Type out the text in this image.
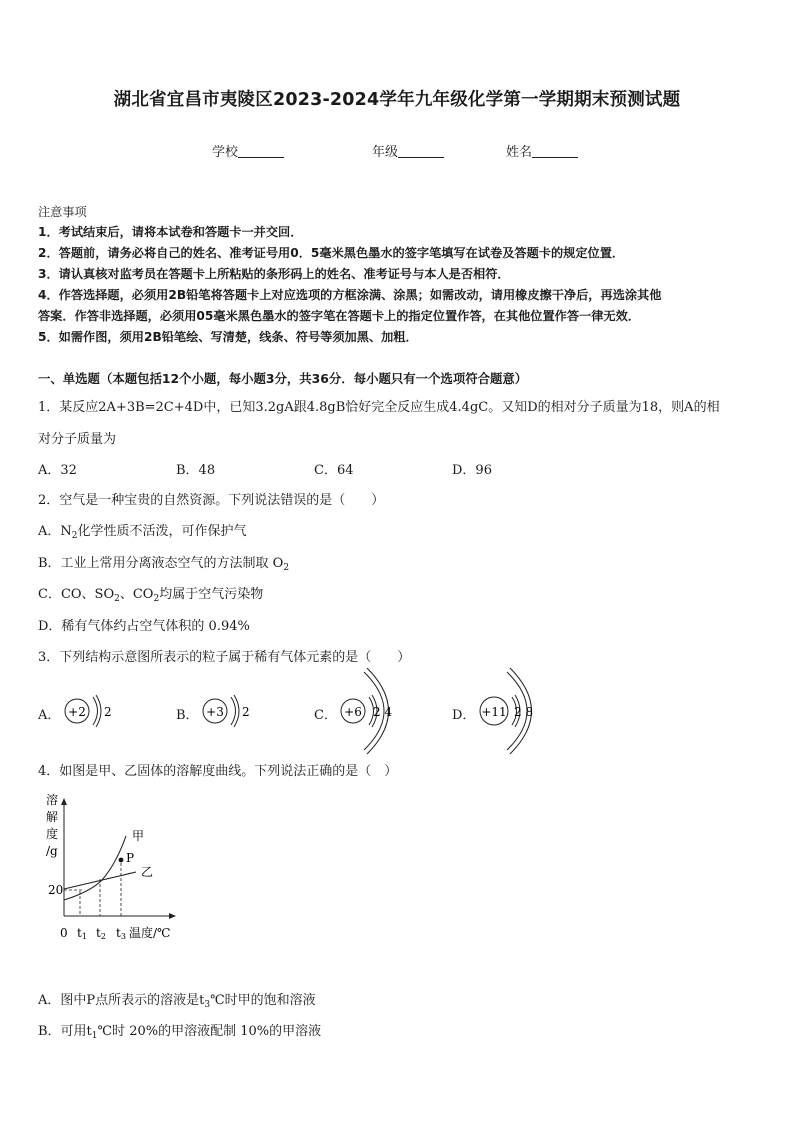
湖北省宜昌市夷陵区2023-2024学年九年级化学第一学期期末预测试题
学校	年级	姓名
注意事项
1．考试结束后，请将本试卷和答题卡一并交回．
2．答题前，请务必将自己的姓名、准考证号用0．5毫米黑色墨水的签字笔填写在试卷及答题卡的规定位置．
3．请认真核对监考员在答题卡上所粘贴的条形码上的姓名、准考证号与本人是否相符．
4．作答选择题，必须用2B铅笔将答题卡上对应选项的方框涂满、涂黑；如需改动，请用橡皮擦干净后，再选涂其他
答案．作答非选择题，必须用05毫米黑色墨水的签字笔在答题卡上的指定位置作答，在其他位置作答一律无效．
5．如需作图，须用2B铅笔绘、写清楚，线条、符号等须加黑、加粗．
一、单选题（本题包括12个小题，每小题3分，共36分．每小题只有一个选项符合题意）
1．某反应2A+3B=2C+4D中，已知3.2gA跟4.8gB恰好完全反应生成4.4gC。又知D的相对分子质量为18，则A的相
对分子质量为
A．32	B．48	C．64	D．96
2．空气是一种宝贵的自然资源。下列说法错误的是（　　）
A．$N_2$化学性质不活泼，可作保护气
B．工业上常用分离液态空气的方法制取 $O_2$
C．CO、$SO_2$、$CO_2$均属于空气污染物
D．稀有气体约占空气体积的 0.94%
3．下列结构示意图所表示的粒子属于稀有气体元素的是（　　）
A． +2 2	B． +3 2	C． +6 2 4	D． +11 2 8
4．如图是甲、乙固体的溶解度曲线。下列说法正确的是（　）
溶
解
度
/g
20
P
甲
乙
0 t1 t2 t3 温度/℃
A．图中P点所表示的溶液是$t_3℃$时甲的饱和溶液
B．可用$t_1℃$时 20%的甲溶液配制 10%的甲溶液
